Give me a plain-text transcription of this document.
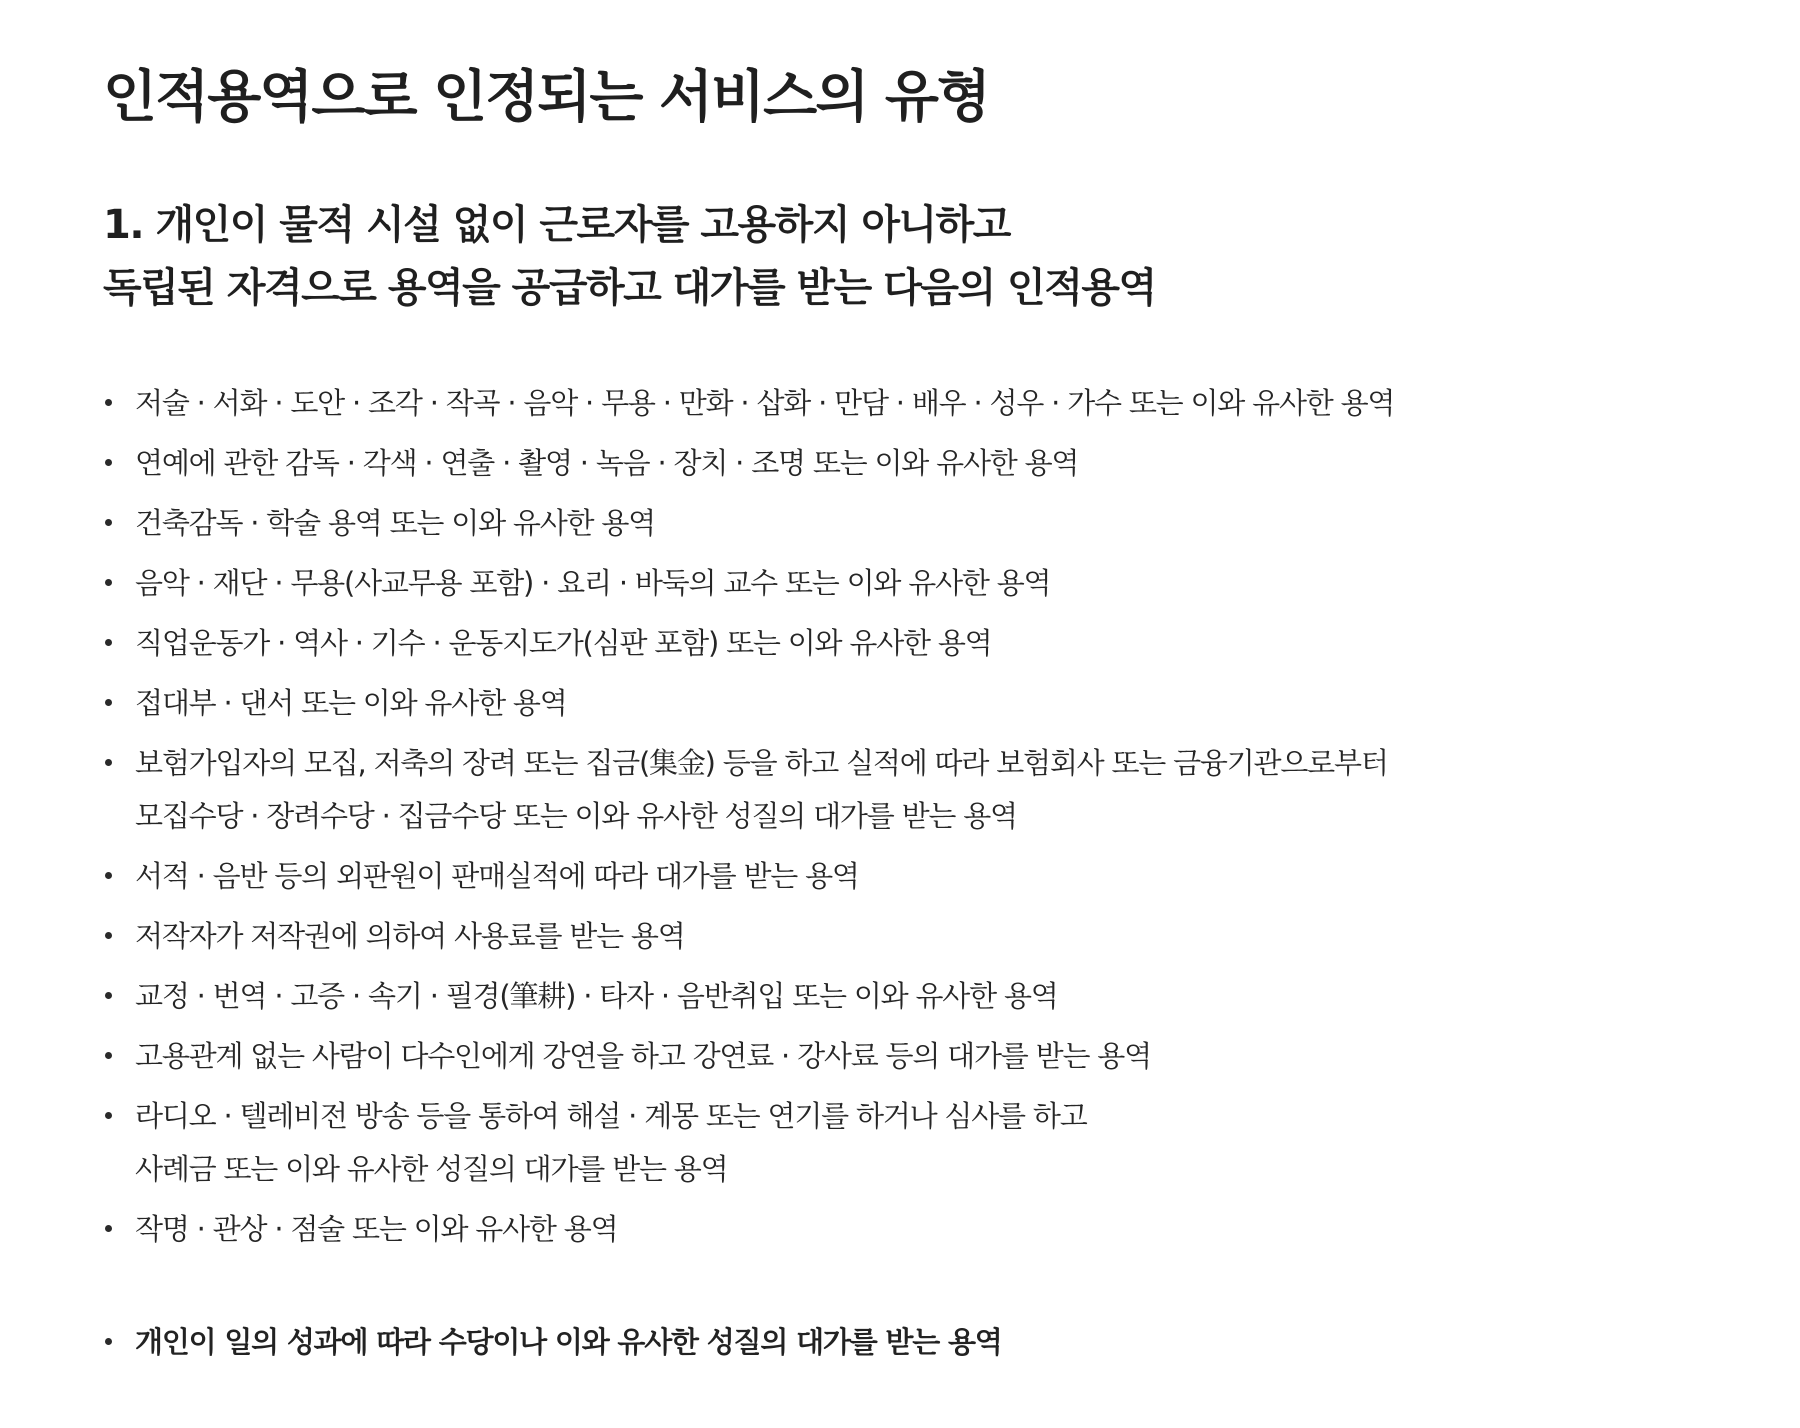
인적용역으로 인정되는 서비스의 유형
1. 개인이 물적 시설 없이 근로자를 고용하지 아니하고
독립된 자격으로 용역을 공급하고 대가를 받는 다음의 인적용역
저술 · 서화 · 도안 · 조각 · 작곡 · 음악 · 무용 · 만화 · 삽화 · 만담 · 배우 · 성우 · 가수 또는 이와 유사한 용역
연예에 관한 감독 · 각색 · 연출 · 촬영 · 녹음 · 장치 · 조명 또는 이와 유사한 용역
건축감독 · 학술 용역 또는 이와 유사한 용역
음악 · 재단 · 무용(사교무용 포함) · 요리 · 바둑의 교수 또는 이와 유사한 용역
직업운동가 · 역사 · 기수 · 운동지도가(심판 포함) 또는 이와 유사한 용역
접대부 · 댄서 또는 이와 유사한 용역
보험가입자의 모집, 저축의 장려 또는 집금(集金) 등을 하고 실적에 따라 보험회사 또는 금융기관으로부터
모집수당 · 장려수당 · 집금수당 또는 이와 유사한 성질의 대가를 받는 용역
서적 · 음반 등의 외판원이 판매실적에 따라 대가를 받는 용역
저작자가 저작권에 의하여 사용료를 받는 용역
교정 · 번역 · 고증 · 속기 · 필경(筆耕) · 타자 · 음반취입 또는 이와 유사한 용역
고용관계 없는 사람이 다수인에게 강연을 하고 강연료 · 강사료 등의 대가를 받는 용역
라디오 · 텔레비전 방송 등을 통하여 해설 · 계몽 또는 연기를 하거나 심사를 하고
사례금 또는 이와 유사한 성질의 대가를 받는 용역
작명 · 관상 · 점술 또는 이와 유사한 용역
개인이 일의 성과에 따라 수당이나 이와 유사한 성질의 대가를 받는 용역
